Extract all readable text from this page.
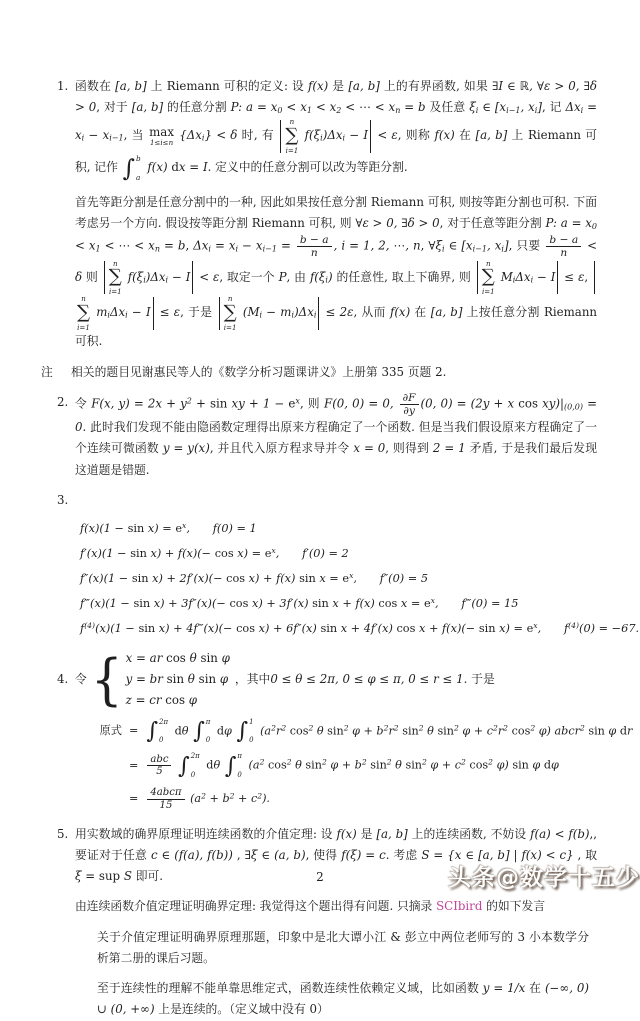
1. 函数在 [a, b] 上 Riemann 可积的定义: 设 f(x) 是 [a, b] 上的有界函数, 如果 ∃I ∈ ℝ, ∀ε > 0, ∃δ > 0, 对于 [a, b] 的任意分割 P: $a = x_0 < x_1 < x_2$ < ⋯ < $x_n = b$ 及任意 $\xi_i$ ∈ [$x_{i-1}$, $x_i$], 记 $\Delta x_i = x_i - x_{i-1}$, 当 max
1≤i≤n $\{\Delta x_i\} < \delta$ 时, 有
n
∑
i=1
$f(\xi_i)\Delta x_i - I < \varepsilon$, 则称 f(x) 在 [a, b] 上 Riemann 可积, 记作 ∫ b
a
f(x) dx = I. 定义中的任意分割可以改为等距分割.
首先等距分割是任意分割中的一种, 因此如果按任意分割 Riemann 可积, 则按等距分割也可积. 下面考虑另一个方向. 假设按等距分割 Riemann 可积, 则 ∀ε > 0, ∃δ > 0, 对于任意等距分割 P: $a = x_0 < x_1$ < ⋯ < $x_n = b$, $\Delta x_i = x_i - x_{i-1} = \frac{b - a}{n}$ , i = 1, 2, ⋯, n, $\forall\xi_i$ ∈ [$x_{i-1}$, $x_i$], 只要 $\frac{b - a}{n} < \delta$ 则
n
∑
i=1
$f(\xi_i)\Delta x_i - I < \varepsilon$, 取定一个 P, 由 $f(\xi_i)$ 的任意性, 取上下确界, 则
n
∑
i=1
$M_i\Delta x_i - I \le \varepsilon$,
n
∑
i=1
$m_i\Delta x_i - I \le \varepsilon$, 于是
n
∑
i=1
$(M_i - m_i)\Delta x_i \le 2\varepsilon$, 从而 f(x) 在 [a, b] 上按任意分割 Riemann 可积.
注	相关的题目见谢惠民等人的《数学分析习题课讲义》上册第 335 页题 2.
2. 令 F(x, $y) = 2x + y^2 + \sin$ xy + $1 - e^x$, 则 F(0, 0) = 0, $\frac{\partial F}{\partial y} (0$, 0) = (2y + x $\cos xy)|_{(0,0)} = 0$. 此时我们发现不能由隐函数定理得出原来方程确定了一个函数. 但是当我们假设原来方程确定了一个连续可微函数 y = y(x), 并且代入原方程求导并令 x = 0, 则得到 2 = 1 矛盾, 于是我们最后发现这道题是错题.
3.
$f(x)(1 - \sin x) = e^x$, f(0) = 1
$f'(x)(1 - \sin x) + f(x)(- \cos x) = e^x$, f′(0) = 2
f″(x)(1 − sin x) + 2f′(x)(− cos x) + f(x) $\sin x = e^x$, f″(0) = 5
f‴(x)(1 − sin x) + 3f″(x)(− cos x) + 3f′(x) sin x + f(x) $\cos x = e^x$, f‴(0) = 15
$f^{(4)}(x)(1 - \sin x)$ + 4f‴(x)(− cos x) + 6f″(x) sin x + 4f′(x) $\cos x + f(x)(- \sin x) = e^x$, $f^{(4)}(0) = -67$.
4. 令 { x = ar cos θ sin φ
y = br sin θ sin φ
z = cr cos φ
，其中0 ≤ θ ≤ 2π, 0 ≤ φ ≤ π, 0 ≤ r ≤ 1. 于是
原式 = ∫ 2π
0
dθ ∫ π
0
dφ ∫ 1
0
($a^2r^2$ $\cos^2 \theta$ $\sin^2 \varphi + b^2r^2$ $\sin^2 \theta$ $\sin^2 \varphi + c^2r^2$ $\cos^2 \varphi$) abcr$^2$ sin φ dr
= $\frac{\text{abc}}{5}$
∫ 2π
0
dθ ∫ π
0
($a^2$ $\cos^2 \theta$ $\sin^2 \varphi + b^2$ $\sin^2 \theta$ $\sin^2 \varphi + c^2$ $\cos^2 \varphi$) sin φ dφ
= $\frac{\text{4abcπ}}{15} (a^2 + b^2 + c^2)$.
5. 用实数域的确界原理证明连续函数的介值定理: 设 f(x) 是 [a, b] 上的连续函数, 不妨设 f(a) < f(b),, 要证对于任意 c ∈ (f(a), f(b)) , ∃ξ ∈ (a, b), 使得 f(ξ) = c. 考虑 S = {x ∈ [a, b] | f(x) < c} , 取 ξ = sup S 即可.
由连续函数介值定理证明确界定理: 我觉得这个题出得有问题. 只摘录 SCIbird 的如下发言
关于介值定理证明确界原理那题，印象中是北大谭小江 & 彭立中两位老师写的 3 小本数学分析第二册的课后习题。
至于连续性的理解不能单靠思维定式，函数连续性依赖定义域，比如函数 y = 1/x 在 (−∞, 0) ∪ (0, +∞) 上是连续的。（定义域中没有 0）
2	头条@数学十五少
